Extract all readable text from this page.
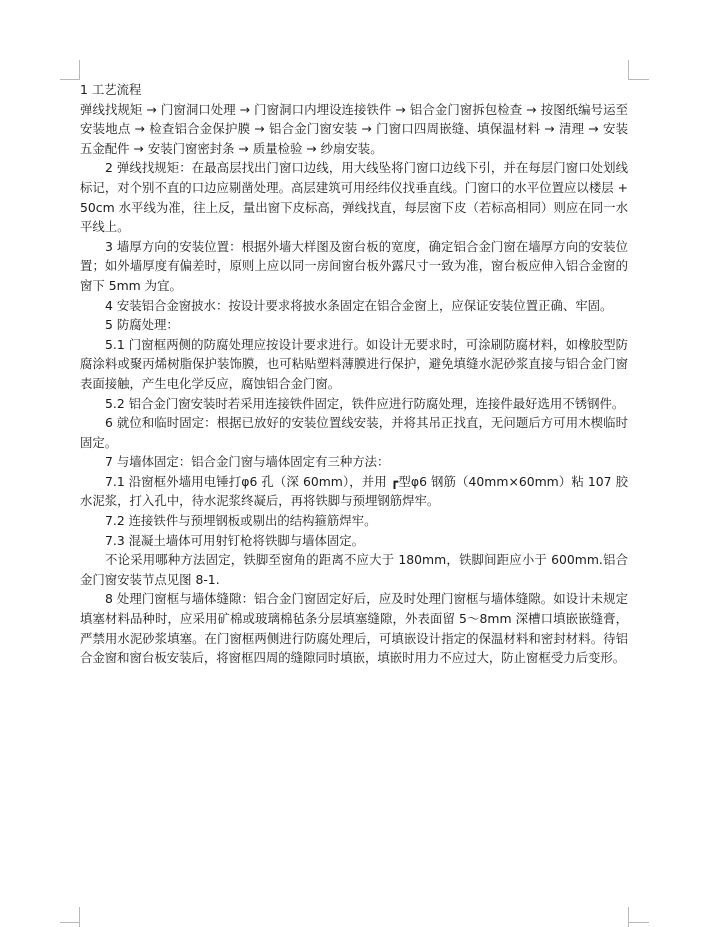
1 工艺流程

弹线找规矩 → 门窗洞口处理 → 门窗洞口内埋设连接铁件 → 铝合金门窗拆包检查 → 按图纸编号运至安装地点 → 检查铝合金保护膜 → 铝合金门窗安装 → 门窗口四周嵌缝、填保温材料 → 清理 → 安装五金配件 → 安装门窗密封条 → 质量检验 → 纱扇安装。

2 弹线找规矩：在最高层找出门窗口边线，用大线坠将门窗口边线下引，并在每层门窗口处划线标记，对个别不直的口边应剔凿处理。高层建筑可用经纬仪找垂直线。门窗口的水平位置应以楼层 + 50cm 水平线为准，往上反，量出窗下皮标高，弹线找直，每层窗下皮（若标高相同）则应在同一水平线上。

3 墙厚方向的安装位置：根据外墙大样图及窗台板的宽度，确定铝合金门窗在墙厚方向的安装位置；如外墙厚度有偏差时，原则上应以同一房间窗台板外露尺寸一致为准，窗台板应伸入铝合金窗的窗下 5mm 为宜。

4 安装铝合金窗披水：按设计要求将披水条固定在铝合金窗上，应保证安装位置正确、牢固。

5 防腐处理：

5.1 门窗框两侧的防腐处理应按设计要求进行。如设计无要求时，可涂刷防腐材料，如橡胶型防腐涂料或聚丙烯树脂保护装饰膜，也可粘贴塑料薄膜进行保护，避免填缝水泥砂浆直接与铝合金门窗表面接触，产生电化学反应，腐蚀铝合金门窗。

5.2 铝合金门窗安装时若采用连接铁件固定，铁件应进行防腐处理，连接件最好选用不锈钢件。

6 就位和临时固定：根据已放好的安装位置线安装，并将其吊正找直，无问题后方可用木楔临时固定。

7 与墙体固定：铝合金门窗与墙体固定有三种方法：

7.1 沿窗框外墙用电锤打φ6 孔（深 60mm），并用 ┏型φ6 钢筋（40mm×60mm）粘 107 胶水泥浆，打入孔中，待水泥浆终凝后，再将铁脚与预埋钢筋焊牢。

7.2 连接铁件与预埋钢板或剔出的结构箍筋焊牢。

7.3 混凝土墙体可用射钉枪将铁脚与墙体固定。

不论采用哪种方法固定，铁脚至窗角的距离不应大于 180mm，铁脚间距应小于 600mm.铝合金门窗安装节点见图 8-1.

8 处理门窗框与墙体缝隙：铝合金门窗固定好后，应及时处理门窗框与墙体缝隙。如设计未规定填塞材料品种时，应采用矿棉或玻璃棉毡条分层填塞缝隙，外表面留 5～8mm 深槽口填嵌嵌缝膏，严禁用水泥砂浆填塞。在门窗框两侧进行防腐处理后，可填嵌设计指定的保温材料和密封材料。待铝合金窗和窗台板安装后，将窗框四周的缝隙同时填嵌，填嵌时用力不应过大，防止窗框受力后变形。
